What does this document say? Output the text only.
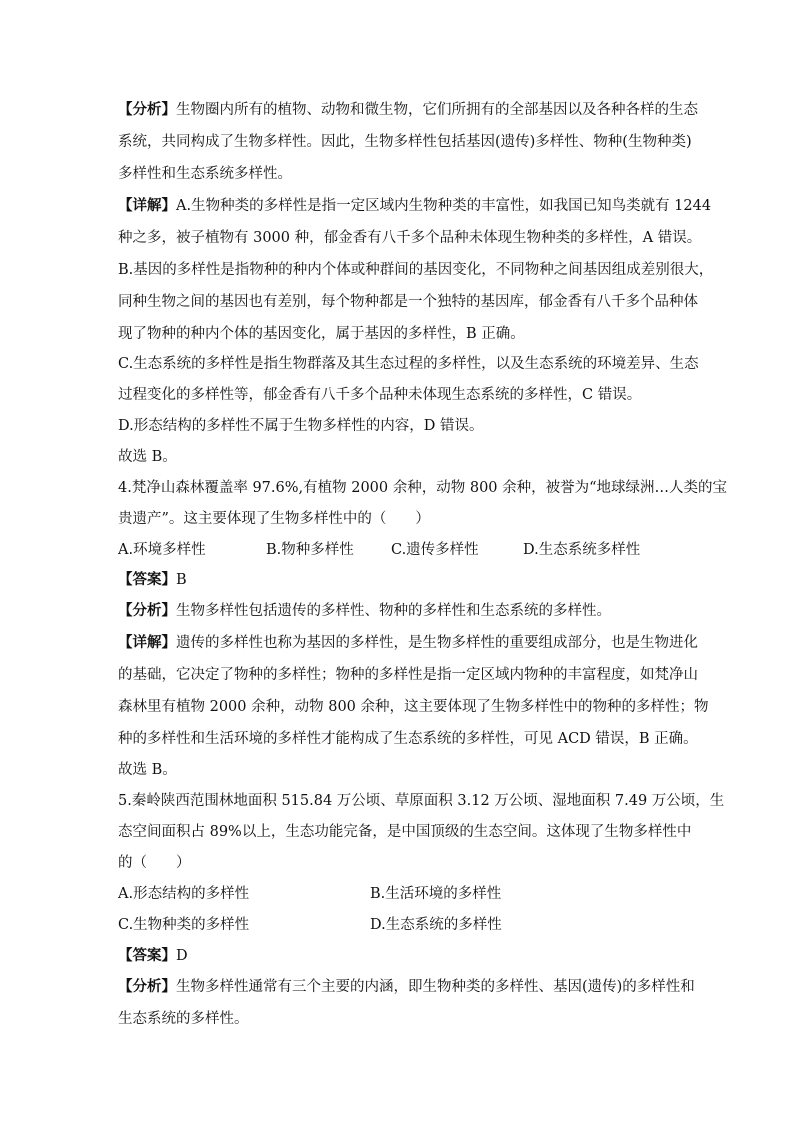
【分析】生物圈内所有的植物、动物和微生物，它们所拥有的全部基因以及各种各样的生态
系统，共同构成了生物多样性。因此，生物多样性包括基因(遗传)多样性、物种(生物种类)
多样性和生态系统多样性。
【详解】A.生物种类的多样性是指一定区域内生物种类的丰富性，如我国已知鸟类就有 1244
种之多，被子植物有 3000 种，郁金香有八千多个品种未体现生物种类的多样性，A 错误。
B.基因的多样性是指物种的种内个体或种群间的基因变化，不同物种之间基因组成差别很大，
同种生物之间的基因也有差别，每个物种都是一个独特的基因库，郁金香有八千多个品种体
现了物种的种内个体的基因变化，属于基因的多样性，B 正确。
C.生态系统的多样性是指生物群落及其生态过程的多样性，以及生态系统的环境差异、生态
过程变化的多样性等，郁金香有八千多个品种未体现生态系统的多样性，C 错误。
D.形态结构的多样性不属于生物多样性的内容，D 错误。
故选 B。
4.梵净山森林覆盖率 97.6%,有植物 2000 余种，动物 800 余种，被誉为“地球绿洲…人类的宝
贵遗产”。这主要体现了生物多样性中的（　　）
A.环境多样性	B.物种多样性	C.遗传多样性	D.生态系统多样性
【答案】B
【分析】生物多样性包括遗传的多样性、物种的多样性和生态系统的多样性。
【详解】遗传的多样性也称为基因的多样性，是生物多样性的重要组成部分，也是生物进化
的基础，它决定了物种的多样性；物种的多样性是指一定区域内物种的丰富程度，如梵净山
森林里有植物 2000 余种，动物 800 余种，这主要体现了生物多样性中的物种的多样性；物
种的多样性和生活环境的多样性才能构成了生态系统的多样性，可见 ACD 错误，B 正确。
故选 B。
5.秦岭陕西范围林地面积 515.84 万公顷、草原面积 3.12 万公顷、湿地面积 7.49 万公顷，生
态空间面积占 89%以上，生态功能完备，是中国顶级的生态空间。这体现了生物多样性中
的（　　）
A.形态结构的多样性	B.生活环境的多样性
C.生物种类的多样性	D.生态系统的多样性
【答案】D
【分析】生物多样性通常有三个主要的内涵，即生物种类的多样性、基因(遗传)的多样性和
生态系统的多样性。
